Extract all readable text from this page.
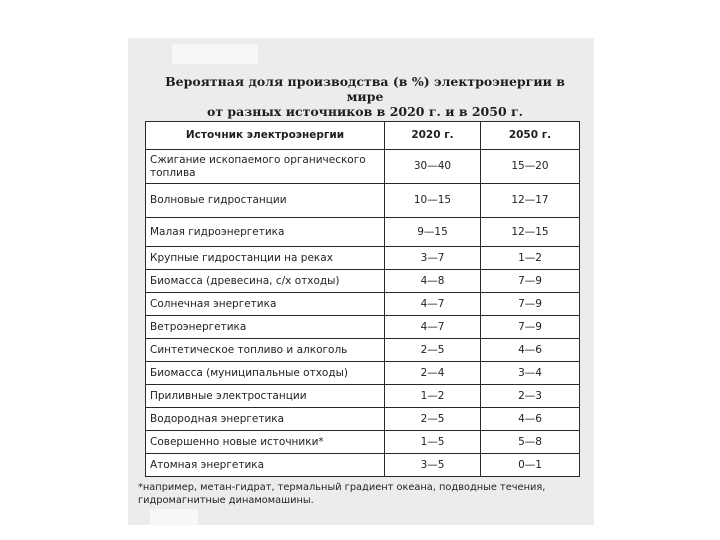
Вероятная доля производства (в %) электроэнергии в мире
от разных источников в 2020 г. и в 2050 г.
Источник электроэнергии	2020 г.	2050 г.
Сжигание ископаемого органического топлива	30—40	15—20
Волновые гидростанции	10—15	12—17
Малая гидроэнергетика	9—15	12—15
Крупные гидростанции на реках	3—7	1—2
Биомасса (древесина, с/х отходы)	4—8	7—9
Солнечная энергетика	4—7	7—9
Ветроэнергетика	4—7	7—9
Синтетическое топливо и алкоголь	2—5	4—6
Биомасса (муниципальные отходы)	2—4	3—4
Приливные электростанции	1—2	2—3
Водородная энергетика	2—5	4—6
Совершенно новые источники*	1—5	5—8
Атомная энергетика	3—5	0—1
*например, метан-гидрат, термальный градиент океана, подводные течения, гидромагнитные динамомашины.
